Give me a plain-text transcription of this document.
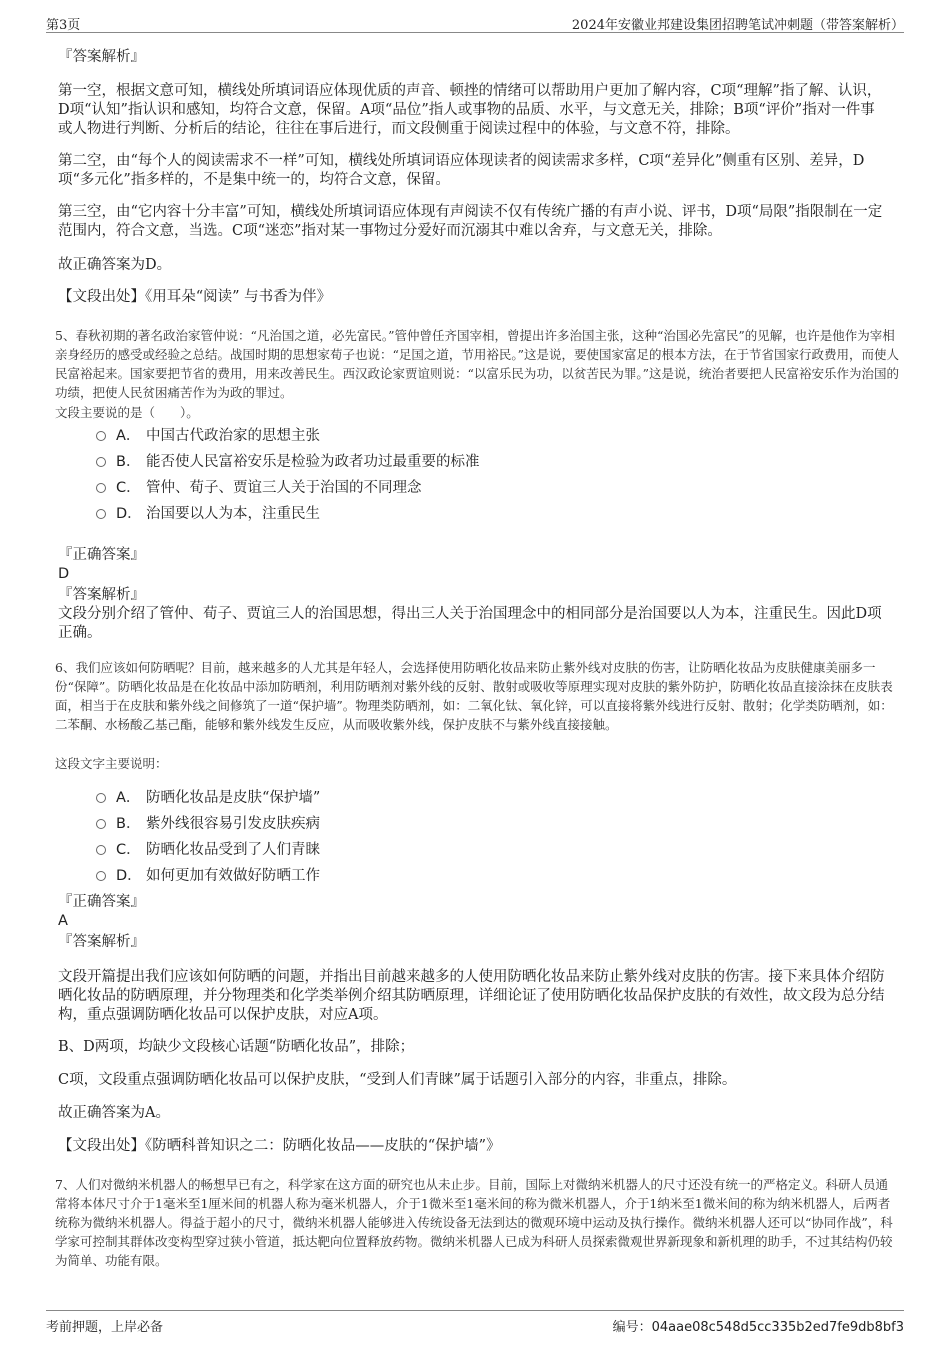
第3页	2024年安徽业邦建设集团招聘笔试冲刺题（带答案解析）
『答案解析』
第一空，根据文意可知，横线处所填词语应体现优质的声音、顿挫的情绪可以帮助用户更加了解内容，C项“理解”指了解、认识，D项“认知”指认识和感知，均符合文意，保留。A项“品位”指人或事物的品质、水平，与文意无关，排除；B项“评价”指对一件事或人物进行判断、分析后的结论，往往在事后进行，而文段侧重于阅读过程中的体验，与文意不符，排除。
第二空，由“每个人的阅读需求不一样”可知，横线处所填词语应体现读者的阅读需求多样，C项“差异化”侧重有区别、差异，D项“多元化”指多样的，不是集中统一的，均符合文意，保留。
第三空，由“它内容十分丰富”可知，横线处所填词语应体现有声阅读不仅有传统广播的有声小说、评书，D项“局限”指限制在一定范围内，符合文意，当选。C项“迷恋”指对某一事物过分爱好而沉溺其中难以舍弃，与文意无关，排除。
故正确答案为D。
【文段出处】《用耳朵“阅读” 与书香为伴》
5、春秋初期的著名政治家管仲说：“凡治国之道，必先富民。”管仲曾任齐国宰相，曾提出许多治国主张，这种“治国必先富民”的见解，也许是他作为宰相亲身经历的感受或经验之总结。战国时期的思想家荀子也说：“足国之道，节用裕民。”这是说，要使国家富足的根本方法，在于节省国家行政费用，而使人民富裕起来。国家要把节省的费用，用来改善民生。西汉政论家贾谊则说：“以富乐民为功，以贫苦民为罪。”这是说，统治者要把人民富裕安乐作为治国的功绩，把使人民贫困痛苦作为为政的罪过。
文段主要说的是（　　）。
A． 中国古代政治家的思想主张
B． 能否使人民富裕安乐是检验为政者功过最重要的标准
C． 管仲、荀子、贾谊三人关于治国的不同理念
D． 治国要以人为本，注重民生
『正确答案』
D
『答案解析』
文段分别介绍了管仲、荀子、贾谊三人的治国思想，得出三人关于治国理念中的相同部分是治国要以人为本，注重民生。因此D项正确。
6、我们应该如何防晒呢？目前，越来越多的人尤其是年轻人，会选择使用防晒化妆品来防止紫外线对皮肤的伤害，让防晒化妆品为皮肤健康美丽多一份“保障”。防晒化妆品是在化妆品中添加防晒剂，利用防晒剂对紫外线的反射、散射或吸收等原理实现对皮肤的紫外防护，防晒化妆品直接涂抹在皮肤表面，相当于在皮肤和紫外线之间修筑了一道“保护墙”。物理类防晒剂，如：二氧化钛、氧化锌，可以直接将紫外线进行反射、散射；化学类防晒剂，如：二苯酮、水杨酸乙基己酯，能够和紫外线发生反应，从而吸收紫外线，保护皮肤不与紫外线直接接触。
这段文字主要说明：
A． 防晒化妆品是皮肤“保护墙”
B． 紫外线很容易引发皮肤疾病
C． 防晒化妆品受到了人们青睐
D． 如何更加有效做好防晒工作
『正确答案』
A
『答案解析』
文段开篇提出我们应该如何防晒的问题，并指出目前越来越多的人使用防晒化妆品来防止紫外线对皮肤的伤害。接下来具体介绍防晒化妆品的防晒原理，并分物理类和化学类举例介绍其防晒原理，详细论证了使用防晒化妆品保护皮肤的有效性，故文段为总分结构，重点强调防晒化妆品可以保护皮肤，对应A项。
B、D两项，均缺少文段核心话题“防晒化妆品”，排除；
C项，文段重点强调防晒化妆品可以保护皮肤，“受到人们青睐”属于话题引入部分的内容，非重点，排除。
故正确答案为A。
【文段出处】《防晒科普知识之二：防晒化妆品——皮肤的“保护墙”》
7、人们对微纳米机器人的畅想早已有之，科学家在这方面的研究也从未止步。目前，国际上对微纳米机器人的尺寸还没有统一的严格定义。科研人员通常将本体尺寸介于1毫米至1厘米间的机器人称为毫米机器人，介于1微米至1毫米间的称为微米机器人，介于1纳米至1微米间的称为纳米机器人，后两者统称为微纳米机器人。得益于超小的尺寸，微纳米机器人能够进入传统设备无法到达的微观环境中运动及执行操作。微纳米机器人还可以“协同作战”，科学家可控制其群体改变构型穿过狭小管道，抵达靶向位置释放药物。微纳米机器人已成为科研人员探索微观世界新现象和新机理的助手，不过其结构仍较为简单、功能有限。
考前押题，上岸必备	编号：04aae08c548d5cc335b2ed7fe9db8bf3
